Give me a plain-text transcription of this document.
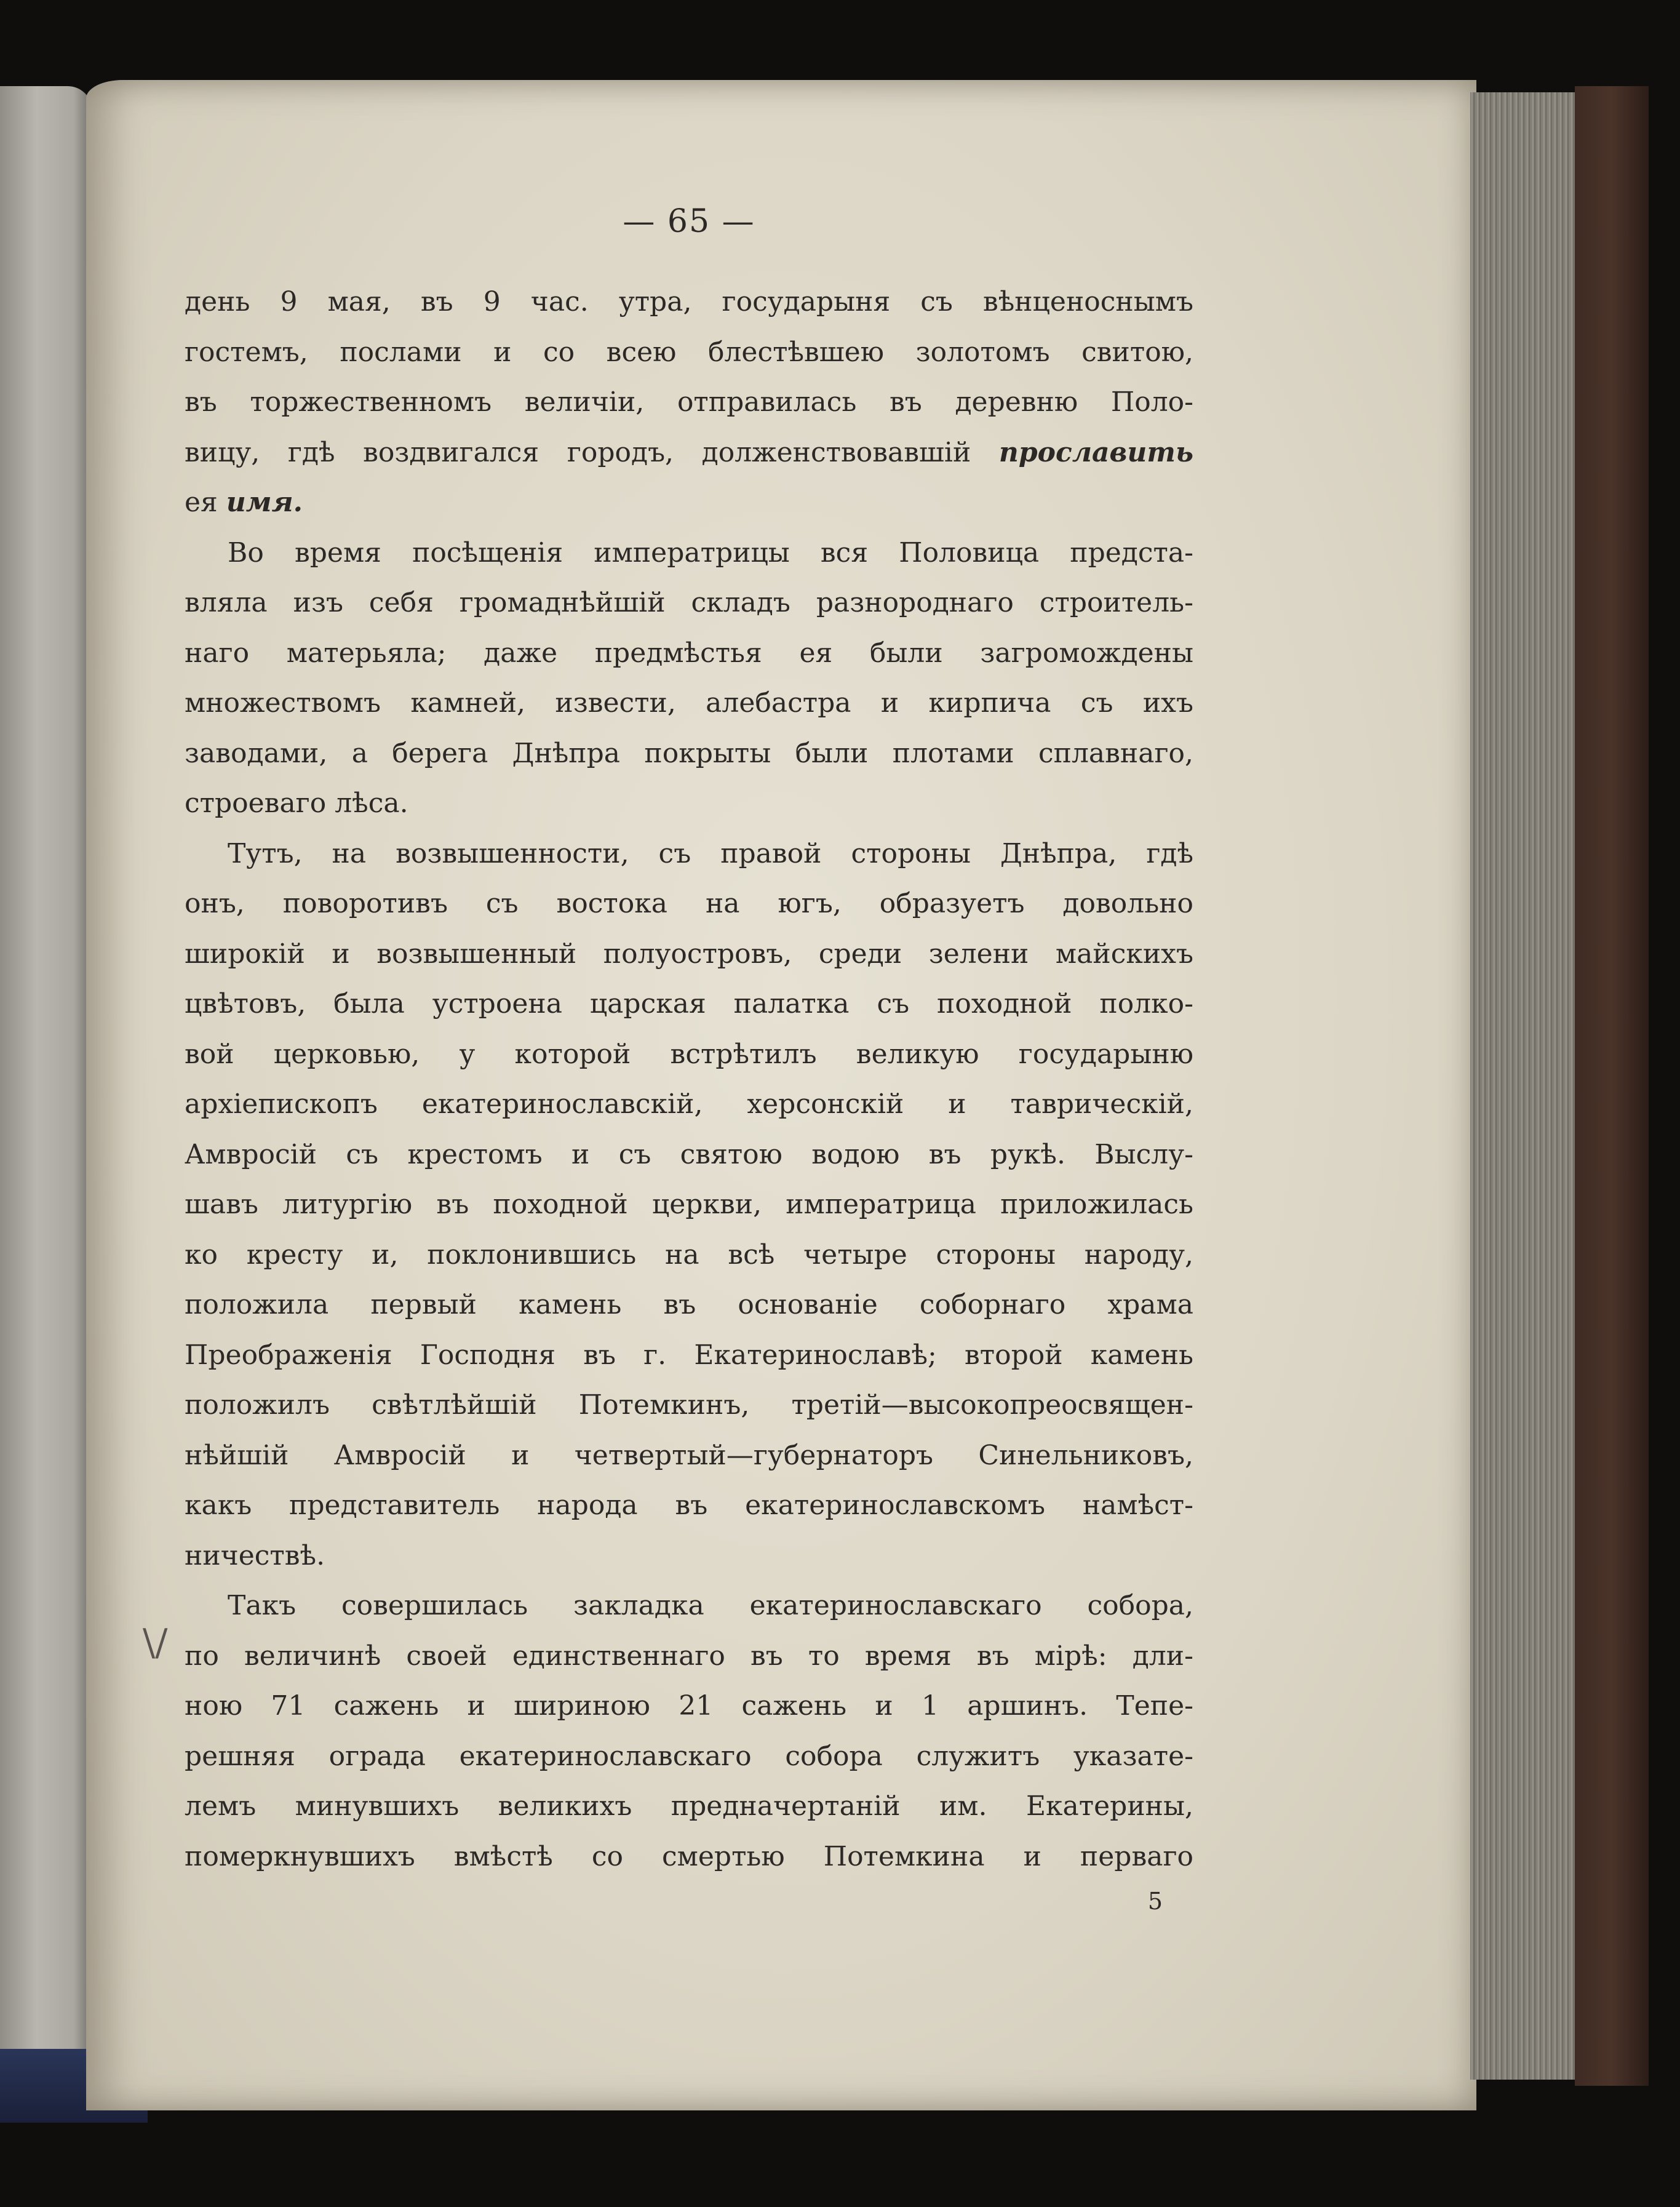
\/
— 65 —
день 9 мая, въ 9 час. утра, государыня съ вѣнценоснымъ
гостемъ, послами и со всею блестѣвшею золотомъ свитою,
въ торжественномъ величіи, отправилась въ деревню Поло-
вицу, гдѣ воздвигался городъ, долженствовавшій прославить
ея имя.
Во время посѣщенія императрицы вся Половица предста-
вляла изъ себя громаднѣйшій складъ разнороднаго строитель-
наго матерьяла; даже предмѣстья ея были загромождены
множествомъ камней, извести, алебастра и кирпича съ ихъ
заводами, а берега Днѣпра покрыты были плотами сплавнаго,
строеваго лѣса.
Тутъ, на возвышенности, съ правой стороны Днѣпра, гдѣ
онъ, поворотивъ съ востока на югъ, образуетъ довольно
широкій и возвышенный полуостровъ, среди зелени майскихъ
цвѣтовъ, была устроена царская палатка съ походной полко-
вой церковью, у которой встрѣтилъ великую государыню
архіепископъ екатеринославскій, херсонскій и таврическій,
Амвросій съ крестомъ и съ святою водою въ рукѣ. Выслу-
шавъ литургію въ походной церкви, императрица приложилась
ко кресту и, поклонившись на всѣ четыре стороны народу,
положила первый камень въ основаніе соборнаго храма
Преображенія Господня въ г. Екатеринославѣ; второй камень
положилъ свѣтлѣйшій Потемкинъ, третій—высокопреосвящен-
нѣйшій Амвросій и четвертый—губернаторъ Синельниковъ,
какъ представитель народа въ екатеринославскомъ намѣст-
ничествѣ.
Такъ совершилась закладка екатеринославскаго собора,
по величинѣ своей единственнаго въ то время въ мірѣ: дли-
ною 71 сажень и шириною 21 сажень и 1 аршинъ. Тепе-
решняя ограда екатеринославскаго собора служитъ указате-
лемъ минувшихъ великихъ предначертаній им. Екатерины,
померкнувшихъ вмѣстѣ со смертью Потемкина и перваго
5
